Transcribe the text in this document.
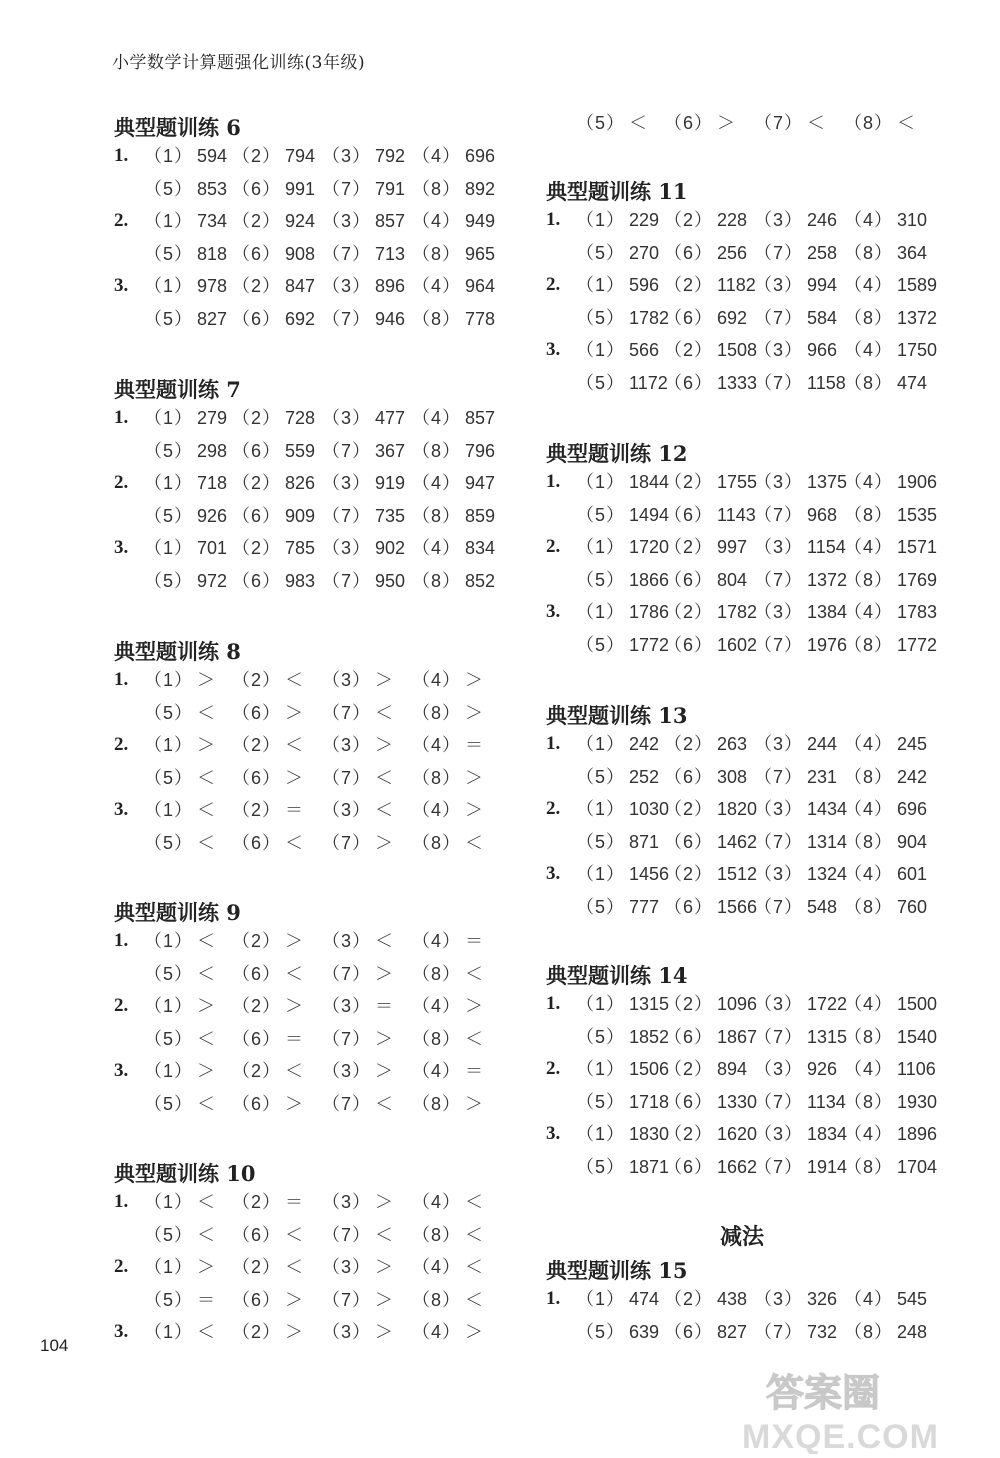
小学数学计算题强化训练(3年级)
典型题训练 6
1. （1） 594 （2） 794 （3） 792 （4） 696
（5） 853 （6） 991 （7） 791 （8） 892
2. （1） 734 （2） 924 （3） 857 （4） 949
（5） 818 （6） 908 （7） 713 （8） 965
3. （1） 978 （2） 847 （3） 896 （4） 964
（5） 827 （6） 692 （7） 946 （8） 778
典型题训练 7
1. （1） 279 （2） 728 （3） 477 （4） 857
（5） 298 （6） 559 （7） 367 （8） 796
2. （1） 718 （2） 826 （3） 919 （4） 947
（5） 926 （6） 909 （7） 735 （8） 859
3. （1） 701 （2） 785 （3） 902 （4） 834
（5） 972 （6） 983 （7） 950 （8） 852
典型题训练 8
1. （1） ＞ （2） ＜ （3） ＞ （4） ＞
（5） ＜ （6） ＞ （7） ＜ （8） ＞
2. （1） ＞ （2） ＜ （3） ＞ （4） ＝
（5） ＜ （6） ＞ （7） ＜ （8） ＞
3. （1） ＜ （2） ＝ （3） ＜ （4） ＞
（5） ＜ （6） ＜ （7） ＞ （8） ＜
典型题训练 9
1. （1） ＜ （2） ＞ （3） ＜ （4） ＝
（5） ＜ （6） ＜ （7） ＞ （8） ＜
2. （1） ＞ （2） ＞ （3） ＝ （4） ＞
（5） ＜ （6） ＝ （7） ＞ （8） ＜
3. （1） ＞ （2） ＜ （3） ＞ （4） ＝
（5） ＜ （6） ＞ （7） ＜ （8） ＞
典型题训练 10
1. （1） ＜ （2） ＝ （3） ＞ （4） ＜
（5） ＜ （6） ＜ （7） ＜ （8） ＜
2. （1） ＞ （2） ＜ （3） ＞ （4） ＜
（5） ＝ （6） ＞ （7） ＞ （8） ＜
3. （1） ＜ （2） ＞ （3） ＞ （4） ＞
（5） ＜ （6） ＞ （7） ＜ （8） ＜
典型题训练 11
1. （1） 229 （2） 228 （3） 246 （4） 310
（5） 270 （6） 256 （7） 258 （8） 364
2. （1） 596 （2） 1182
（3） 994 （4） 1589
（5） 1782
（6） 692 （7） 584 （8） 1372
3. （1） 566 （2） 1508
（3） 966 （4） 1750
（5） 1172
（6） 1333
（7） 1158
（8） 474
典型题训练 12
1. （1） 1844
（2） 1755
（3） 1375
（4） 1906
（5） 1494
（6） 1143
（7） 968 （8） 1535
2. （1） 1720
（2） 997 （3） 1154
（4） 1571
（5） 1866
（6） 804 （7） 1372
（8） 1769
3. （1） 1786
（2） 1782
（3） 1384
（4） 1783
（5） 1772
（6） 1602
（7） 1976
（8） 1772
典型题训练 13
1. （1） 242 （2） 263 （3） 244 （4） 245
（5） 252 （6） 308 （7） 231 （8） 242
2. （1） 1030
（2） 1820
（3） 1434
（4） 696
（5） 871 （6） 1462
（7） 1314
（8） 904
3. （1） 1456
（2） 1512
（3） 1324
（4） 601
（5） 777 （6） 1566
（7） 548 （8） 760
典型题训练 14
1. （1） 1315
（2） 1096
（3） 1722
（4） 1500
（5） 1852
（6） 1867
（7） 1315
（8） 1540
2. （1） 1506
（2） 894 （3） 926 （4） 1106
（5） 1718
（6） 1330
（7） 1134
（8） 1930
3. （1） 1830
（2） 1620
（3） 1834
（4） 1896
（5） 1871
（6） 1662
（7） 1914
（8） 1704
典型题训练 15
1. （1） 474 （2） 438 （3） 326 （4） 545
（5） 639 （6） 827 （7） 732 （8） 248
减法
104
答案圈
MXQE.COM
